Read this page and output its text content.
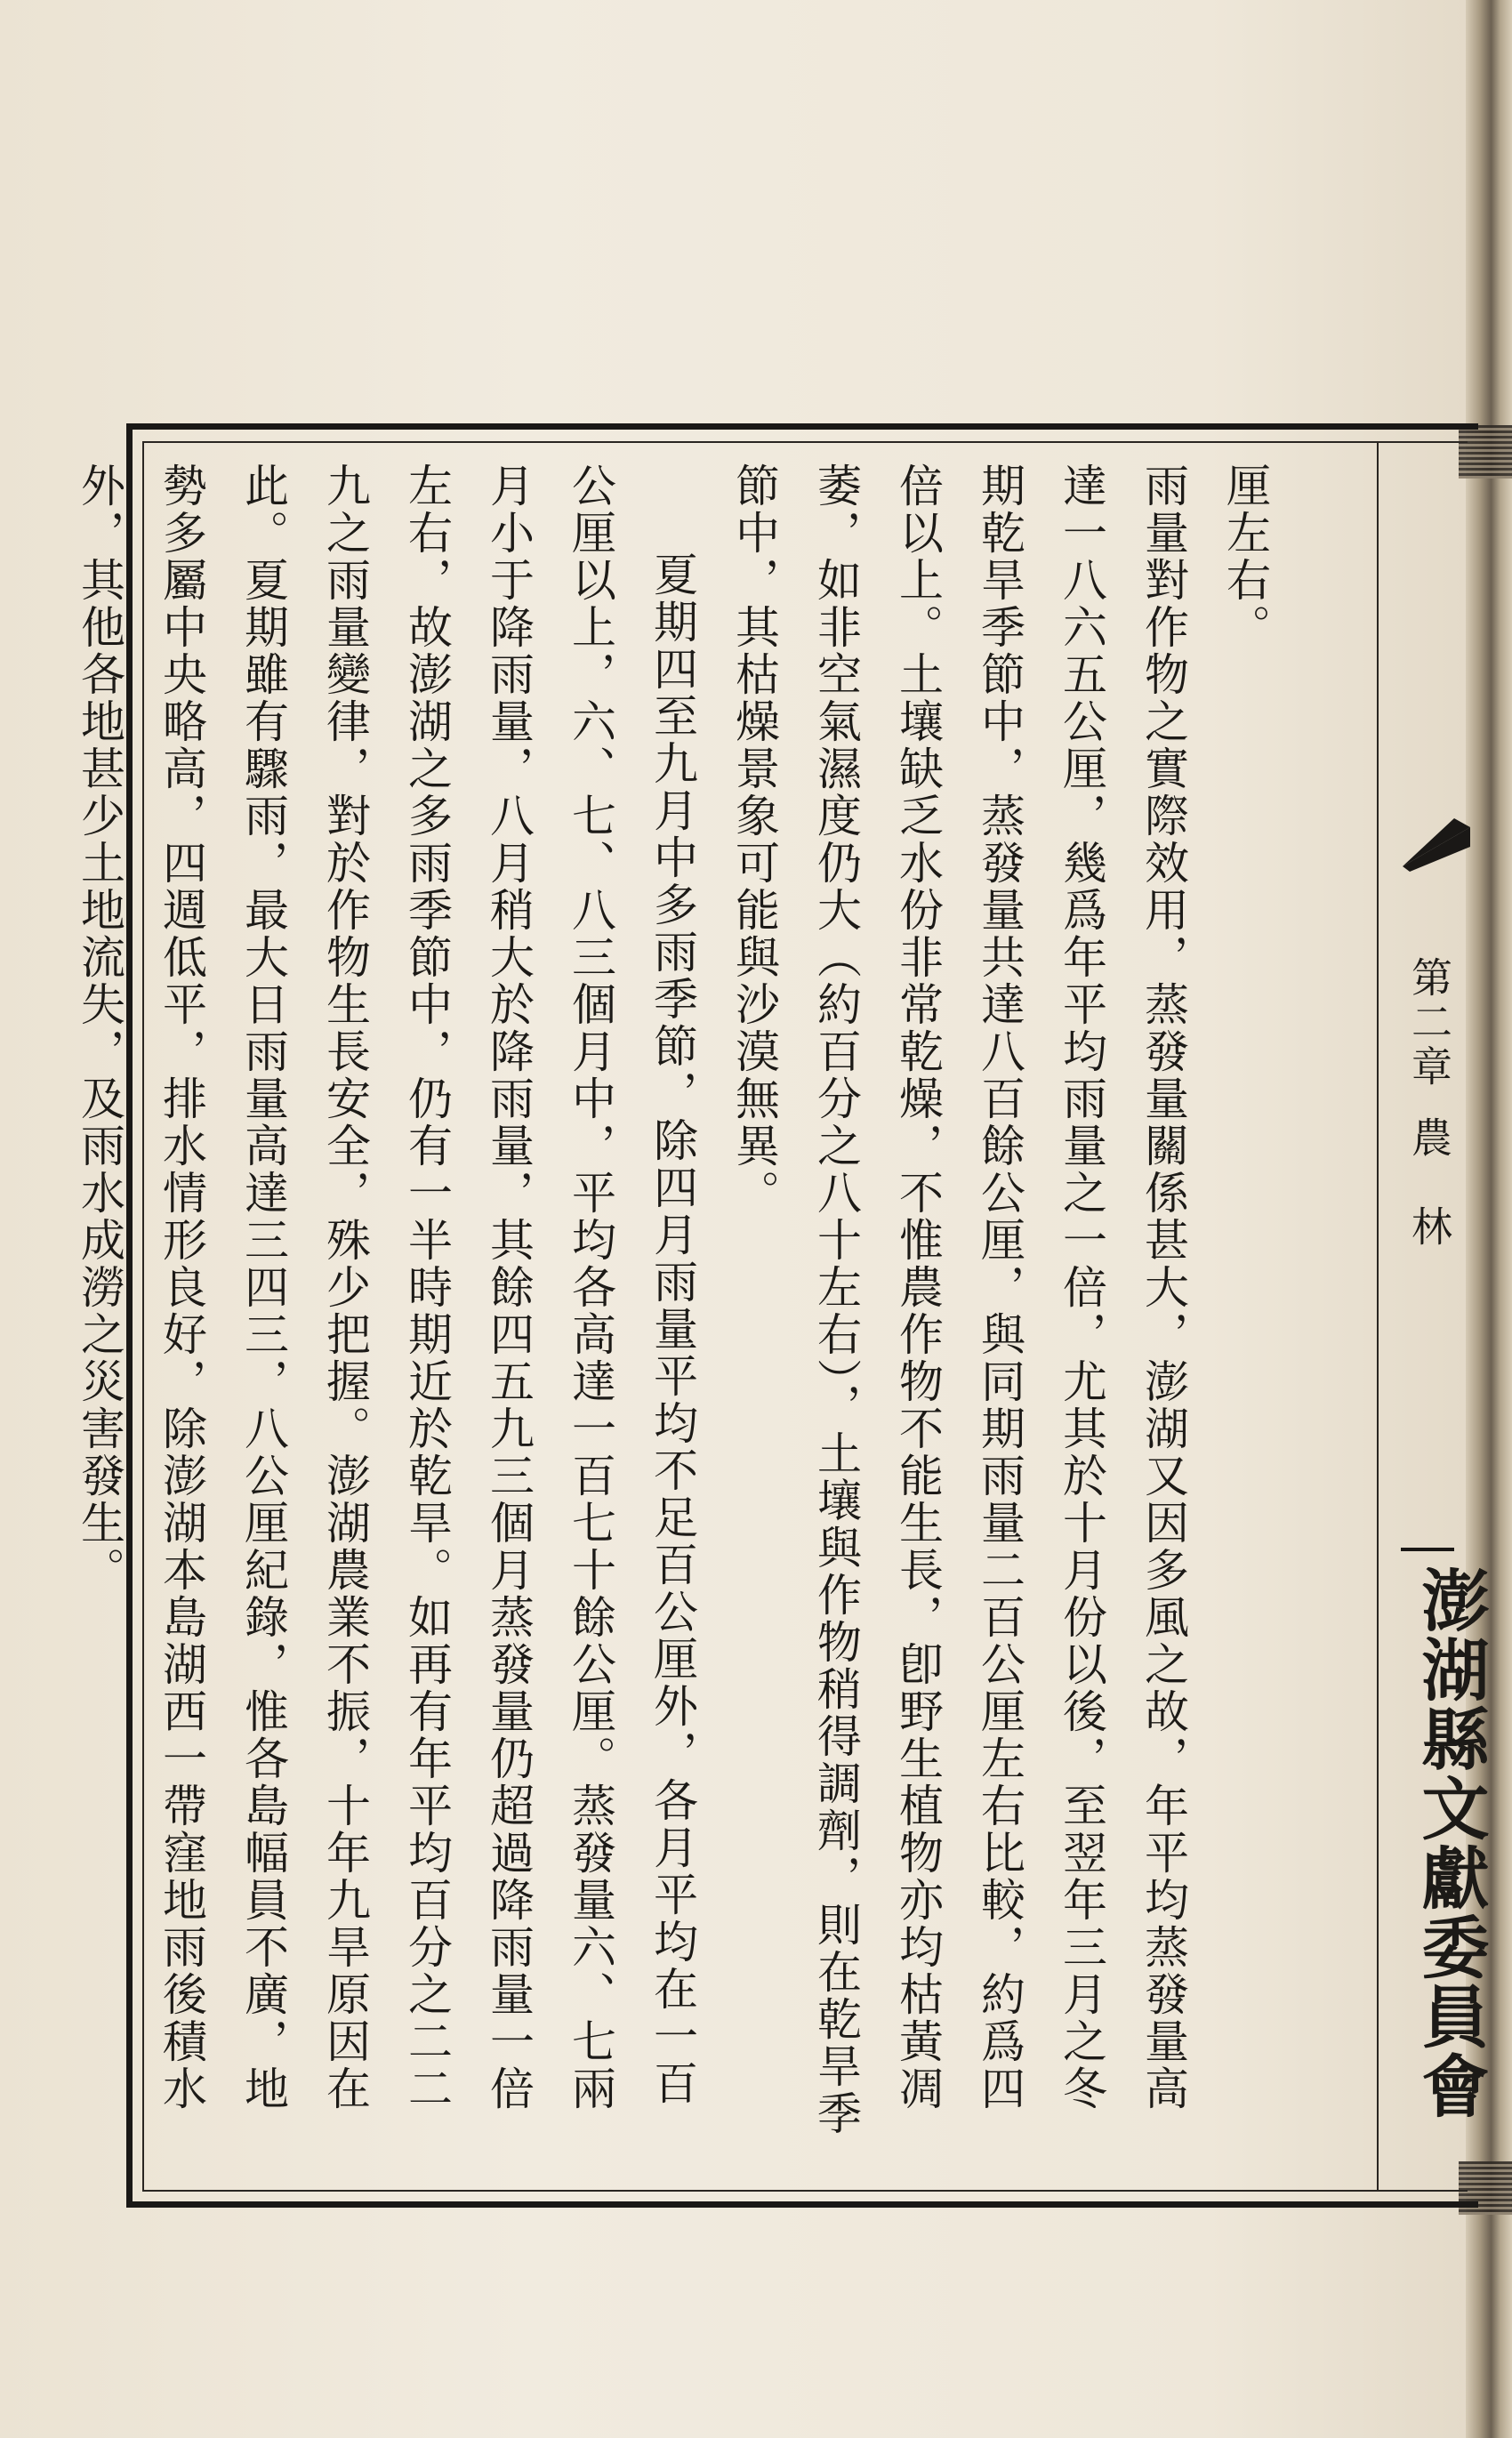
厘左右。

雨量對作物之實際效用，蒸發量關係甚大，澎湖又因多風之故，年平均蒸發量高達一八六五公厘，幾爲年平均雨量之一倍，尤其於十月份以後，至翌年三月之冬期乾旱季節中，蒸發量共達八百餘公厘，與同期雨量二百公厘左右比較，約爲四倍以上。土壤缺乏水份非常乾燥，不惟農作物不能生長，卽野生植物亦均枯黃凋萎，如非空氣濕度仍大（約百分之八十左右），土壤與作物稍得調劑，則在乾旱季節中，其枯燥景象可能與沙漠無異。

夏期四至九月中多雨季節，除四月雨量平均不足百公厘外，各月平均在一百公厘以上，六、七、八三個月中，平均各高達一百七十餘公厘。蒸發量六、七兩月小于降雨量，八月稍大於降雨量，其餘四五九三個月蒸發量仍超過降雨量一倍左右，故澎湖之多雨季節中，仍有一半時期近於乾旱。如再有年平均百分之二二九之雨量變律，對於作物生長安全，殊少把握。澎湖農業不振，十年九旱原因在此。夏期雖有驟雨，最大日雨量高達三四三，八公厘紀錄，惟各島幅員不廣，地勢多屬中央略高，四週低平，排水情形良好，除澎湖本島湖西一帶窪地雨後積水外，其他各地甚少土地流失，及雨水成澇之災害發生。	第二章農　林
澎湖縣文獻委員會
